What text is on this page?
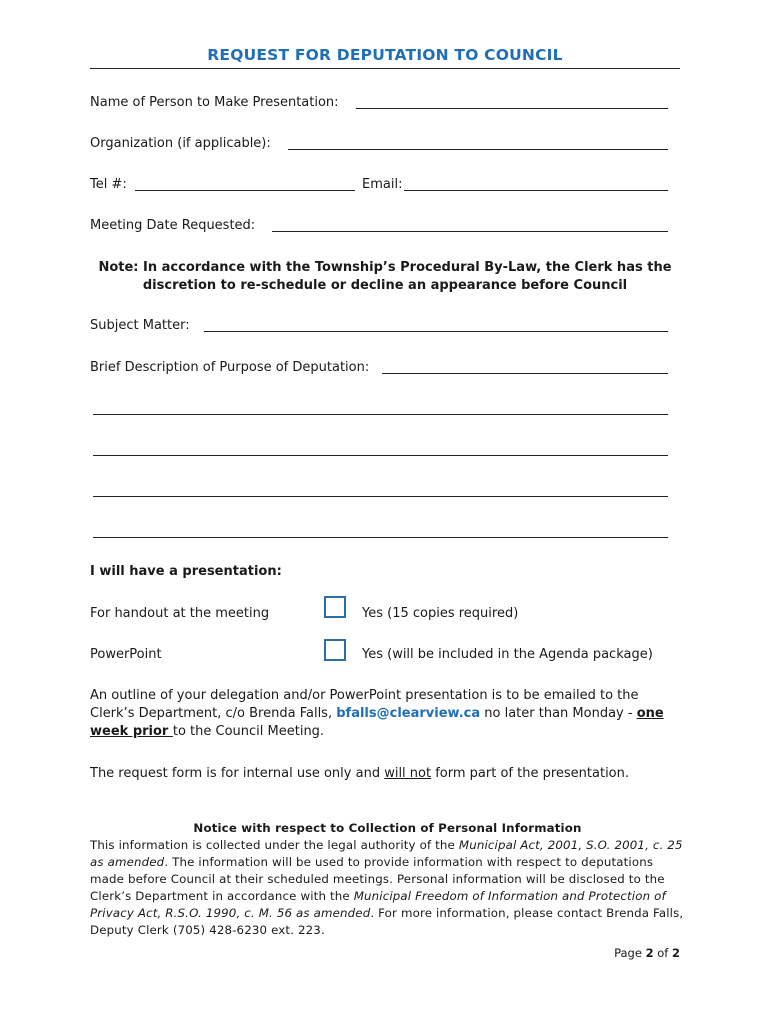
REQUEST FOR DEPUTATION TO COUNCIL
Name of Person to Make Presentation:
Organization (if applicable):
Tel #:	Email:
Meeting Date Requested:
Note: In accordance with the Township’s Procedural By-Law, the Clerk has the
discretion to re-schedule or decline an appearance before Council
Subject Matter:
Brief Description of Purpose of Deputation:
I will have a presentation:
For handout at the meeting	Yes (15 copies required)
PowerPoint	Yes (will be included in the Agenda package)
An outline of your delegation and/or PowerPoint presentation is to be emailed to the Clerk’s Department, c/o Brenda Falls, bfalls@clearview.ca no later than Monday - one week prior to the Council Meeting.
The request form is for internal use only and will not form part of the presentation.
Notice with respect to Collection of Personal Information
This information is collected under the legal authority of the Municipal Act, 2001, S.O. 2001, c. 25 as amended. The information will be used to provide information with respect to deputations made before Council at their scheduled meetings. Personal information will be disclosed to the Clerk’s Department in accordance with the Municipal Freedom of Information and Protection of Privacy Act, R.S.O. 1990, c. M. 56 as amended. For more information, please contact Brenda Falls, Deputy Clerk (705) 428-6230 ext. 223.
Page 2 of 2
